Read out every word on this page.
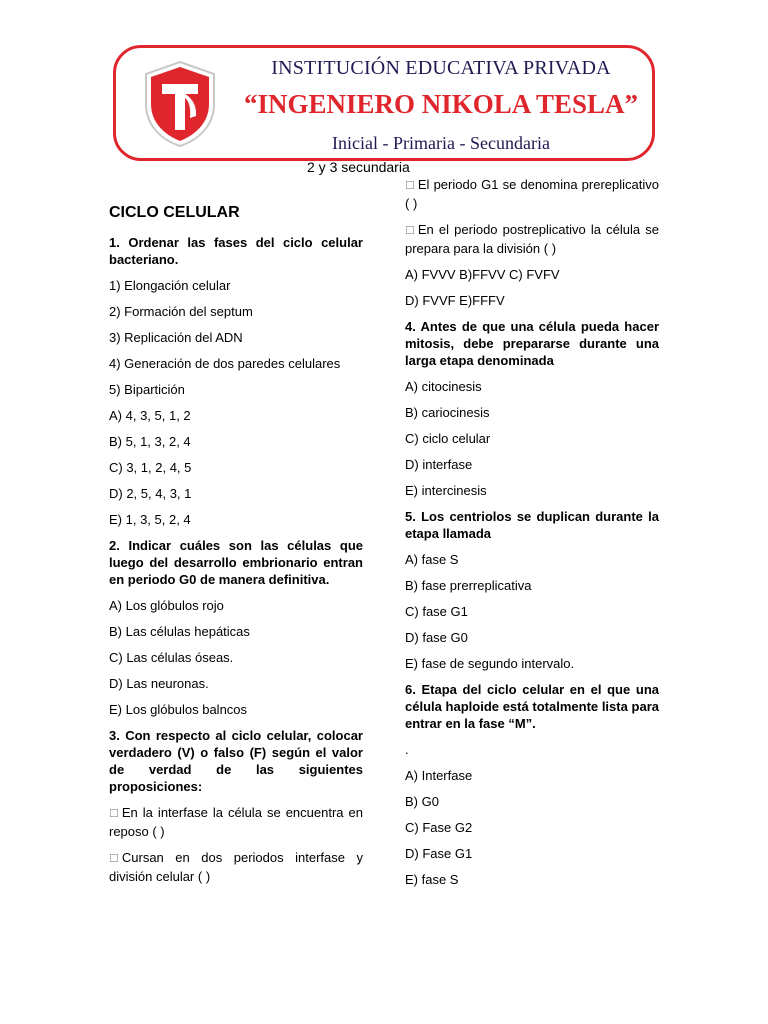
INSTITUCIÓN EDUCATIVA PRIVADA
“INGENIERO NIKOLA TESLA”
Inicial - Primaria - Secundaria
2 y 3 secundaria
CICLO CELULAR

1. Ordenar las fases del ciclo celular bacteriano.

1) Elongación celular

2) Formación del septum

3) Replicación del ADN

4) Generación de dos paredes celulares

5) Bipartición

A) 4, 3, 5, 1, 2

B) 5, 1, 3, 2, 4

C) 3, 1, 2, 4, 5

D) 2, 5, 4, 3, 1

E) 1, 3, 5, 2, 4

2. Indicar cuáles son las células que luego del desarrollo embrionario entran en periodo G0 de manera definitiva.

A) Los glóbulos rojo

B) Las células hepáticas

C) Las células óseas.

D) Las neuronas.

E) Los glóbulos balncos

3. Con respecto al ciclo celular, colocar verdadero (V) o falso (F) según el valor de verdad de las siguientes proposiciones:

☐ En la interfase la célula se encuentra en reposo ( )

☐ Cursan en dos periodos interfase y división celular ( )

☐ El periodo G1 se denomina prereplicativo ( )

☐ En el periodo postreplicativo la célula se prepara para la división ( )

A) FVVV B)FFVV C) FVFV

D) FVVF E)FFFV

4. Antes de que una célula pueda hacer mitosis, debe prepararse durante una larga etapa denominada

A) citocinesis

B) cariocinesis

C) ciclo celular

D) interfase

E) intercinesis

5. Los centriolos se duplican durante la etapa llamada

A) fase S

B) fase prerreplicativa

C) fase G1

D) fase G0

E) fase de segundo intervalo.

6. Etapa del ciclo celular en el que una célula haploide está totalmente lista para entrar en la fase “M”.

.

A) Interfase

B) G0

C) Fase G2

D) Fase G1

E) fase S
